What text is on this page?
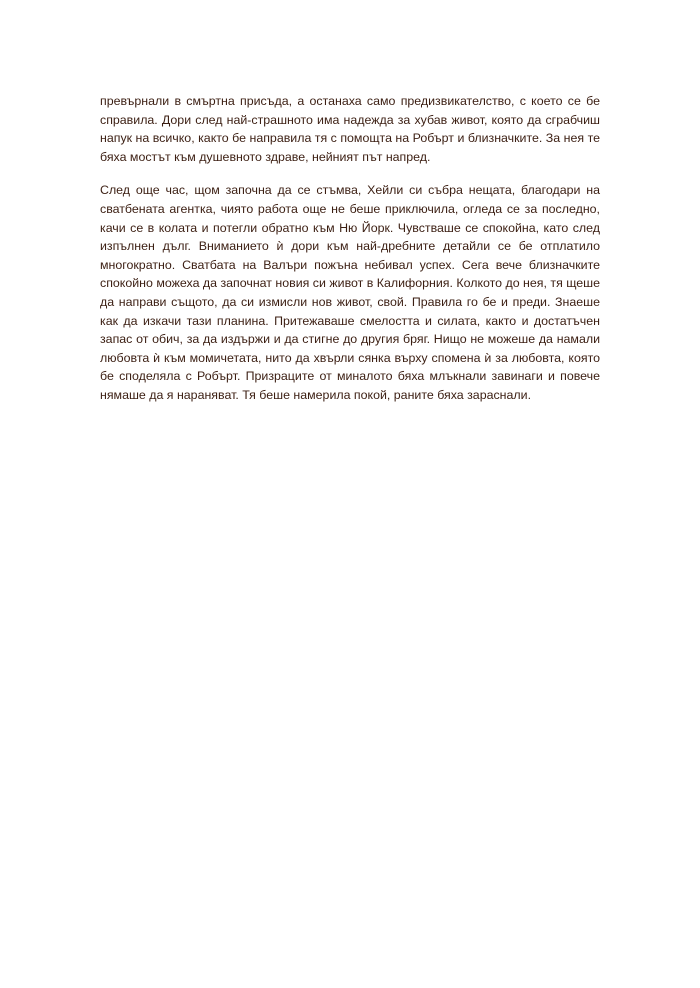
превърнали в смъртна присъда, а останаха само предизвикателство, с което се бе справила. Дори след най-страшното има надежда за хубав живот, която да сграбчиш напук на всичко, както бе направила тя с помощта на Робърт и близначките. За нея те бяха мостът към душевното здраве, нейният път напред.

След още час, щом започна да се стъмва, Хейли си събра нещата, благодари на сватбената агентка, чиято работа още не беше приключила, огледа се за последно, качи се в колата и потегли обратно към Ню Йорк. Чувстваше се спокойна, като след изпълнен дълг. Вниманието ѝ дори към най-дребните детайли се бе отплатило многократно. Сватбата на Валъри пожъна небивал успех. Сега вече близначките спокойно можеха да започнат новия си живот в Калифорния. Колкото до нея, тя щеше да направи същото, да си измисли нов живот, свой. Правила го бе и преди. Знаеше как да изкачи тази планина. Притежаваше смелостта и силата, както и достатъчен запас от обич, за да издържи и да стигне до другия бряг. Нищо не можеше да намали любовта ѝ към момичетата, нито да хвърли сянка върху спомена ѝ за любовта, която бе споделяла с Робърт. Призраците от миналото бяха млъкнали завинаги и повече нямаше да я нараняват. Тя беше намерила покой, раните бяха зараснали.
